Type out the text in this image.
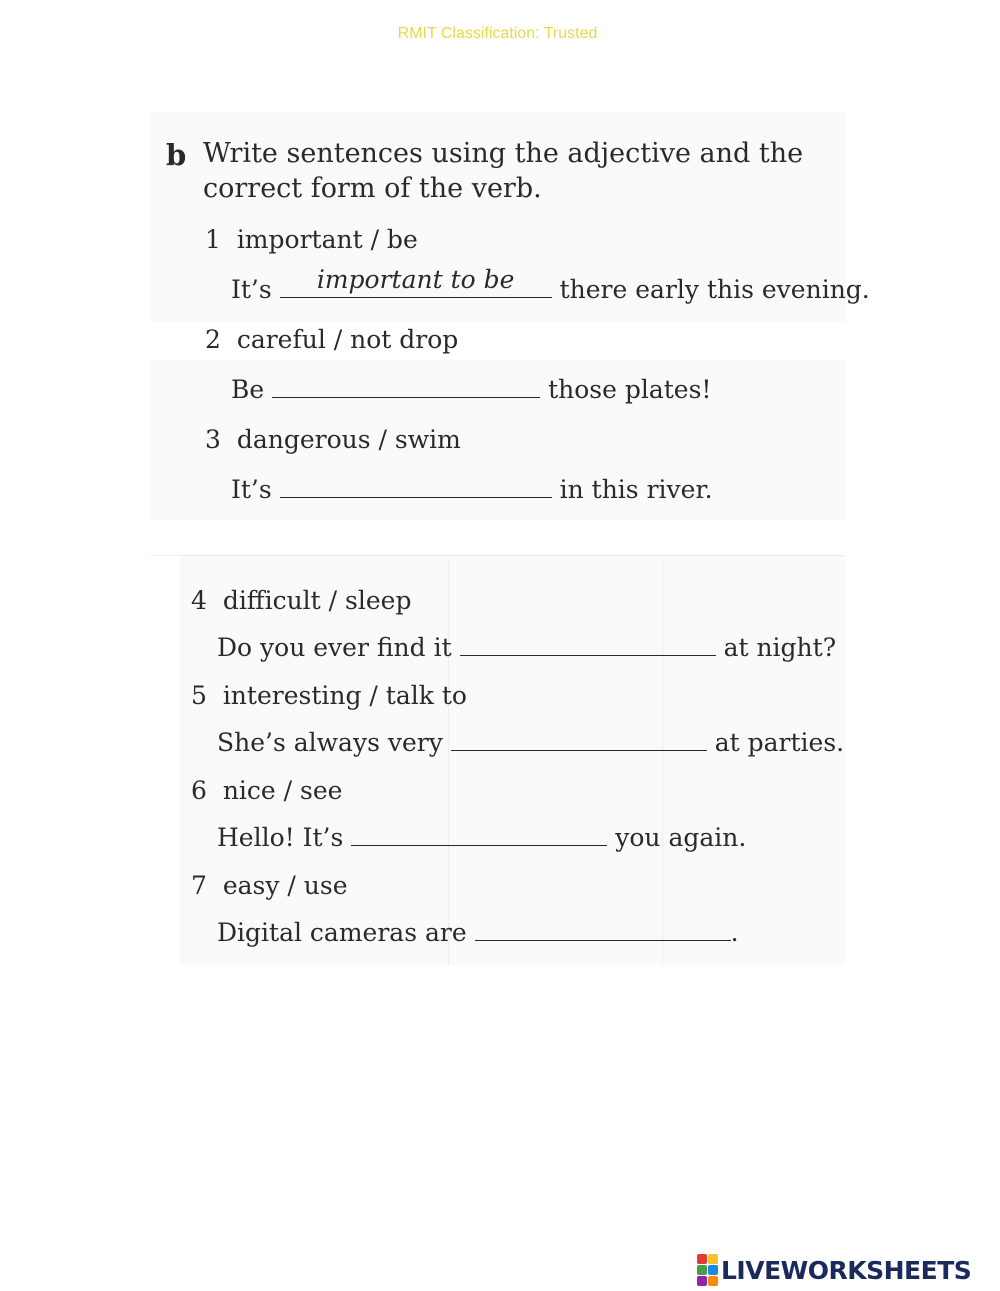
RMIT Classification: Trusted
b Write sentences using the adjective and the
correct form of the verb.
1 important / be
It’s	important to be	there early this evening.
2 careful / not drop
Be	those plates!
3 dangerous / swim
It’s	in this river.
4 difficult / sleep
Do you ever find it	at night?
5 interesting / talk to
She’s always very	at parties.
6 nice / see
Hello! It’s	you again.
7 easy / use
Digital cameras are	.
LIVEWORKSHEETS
